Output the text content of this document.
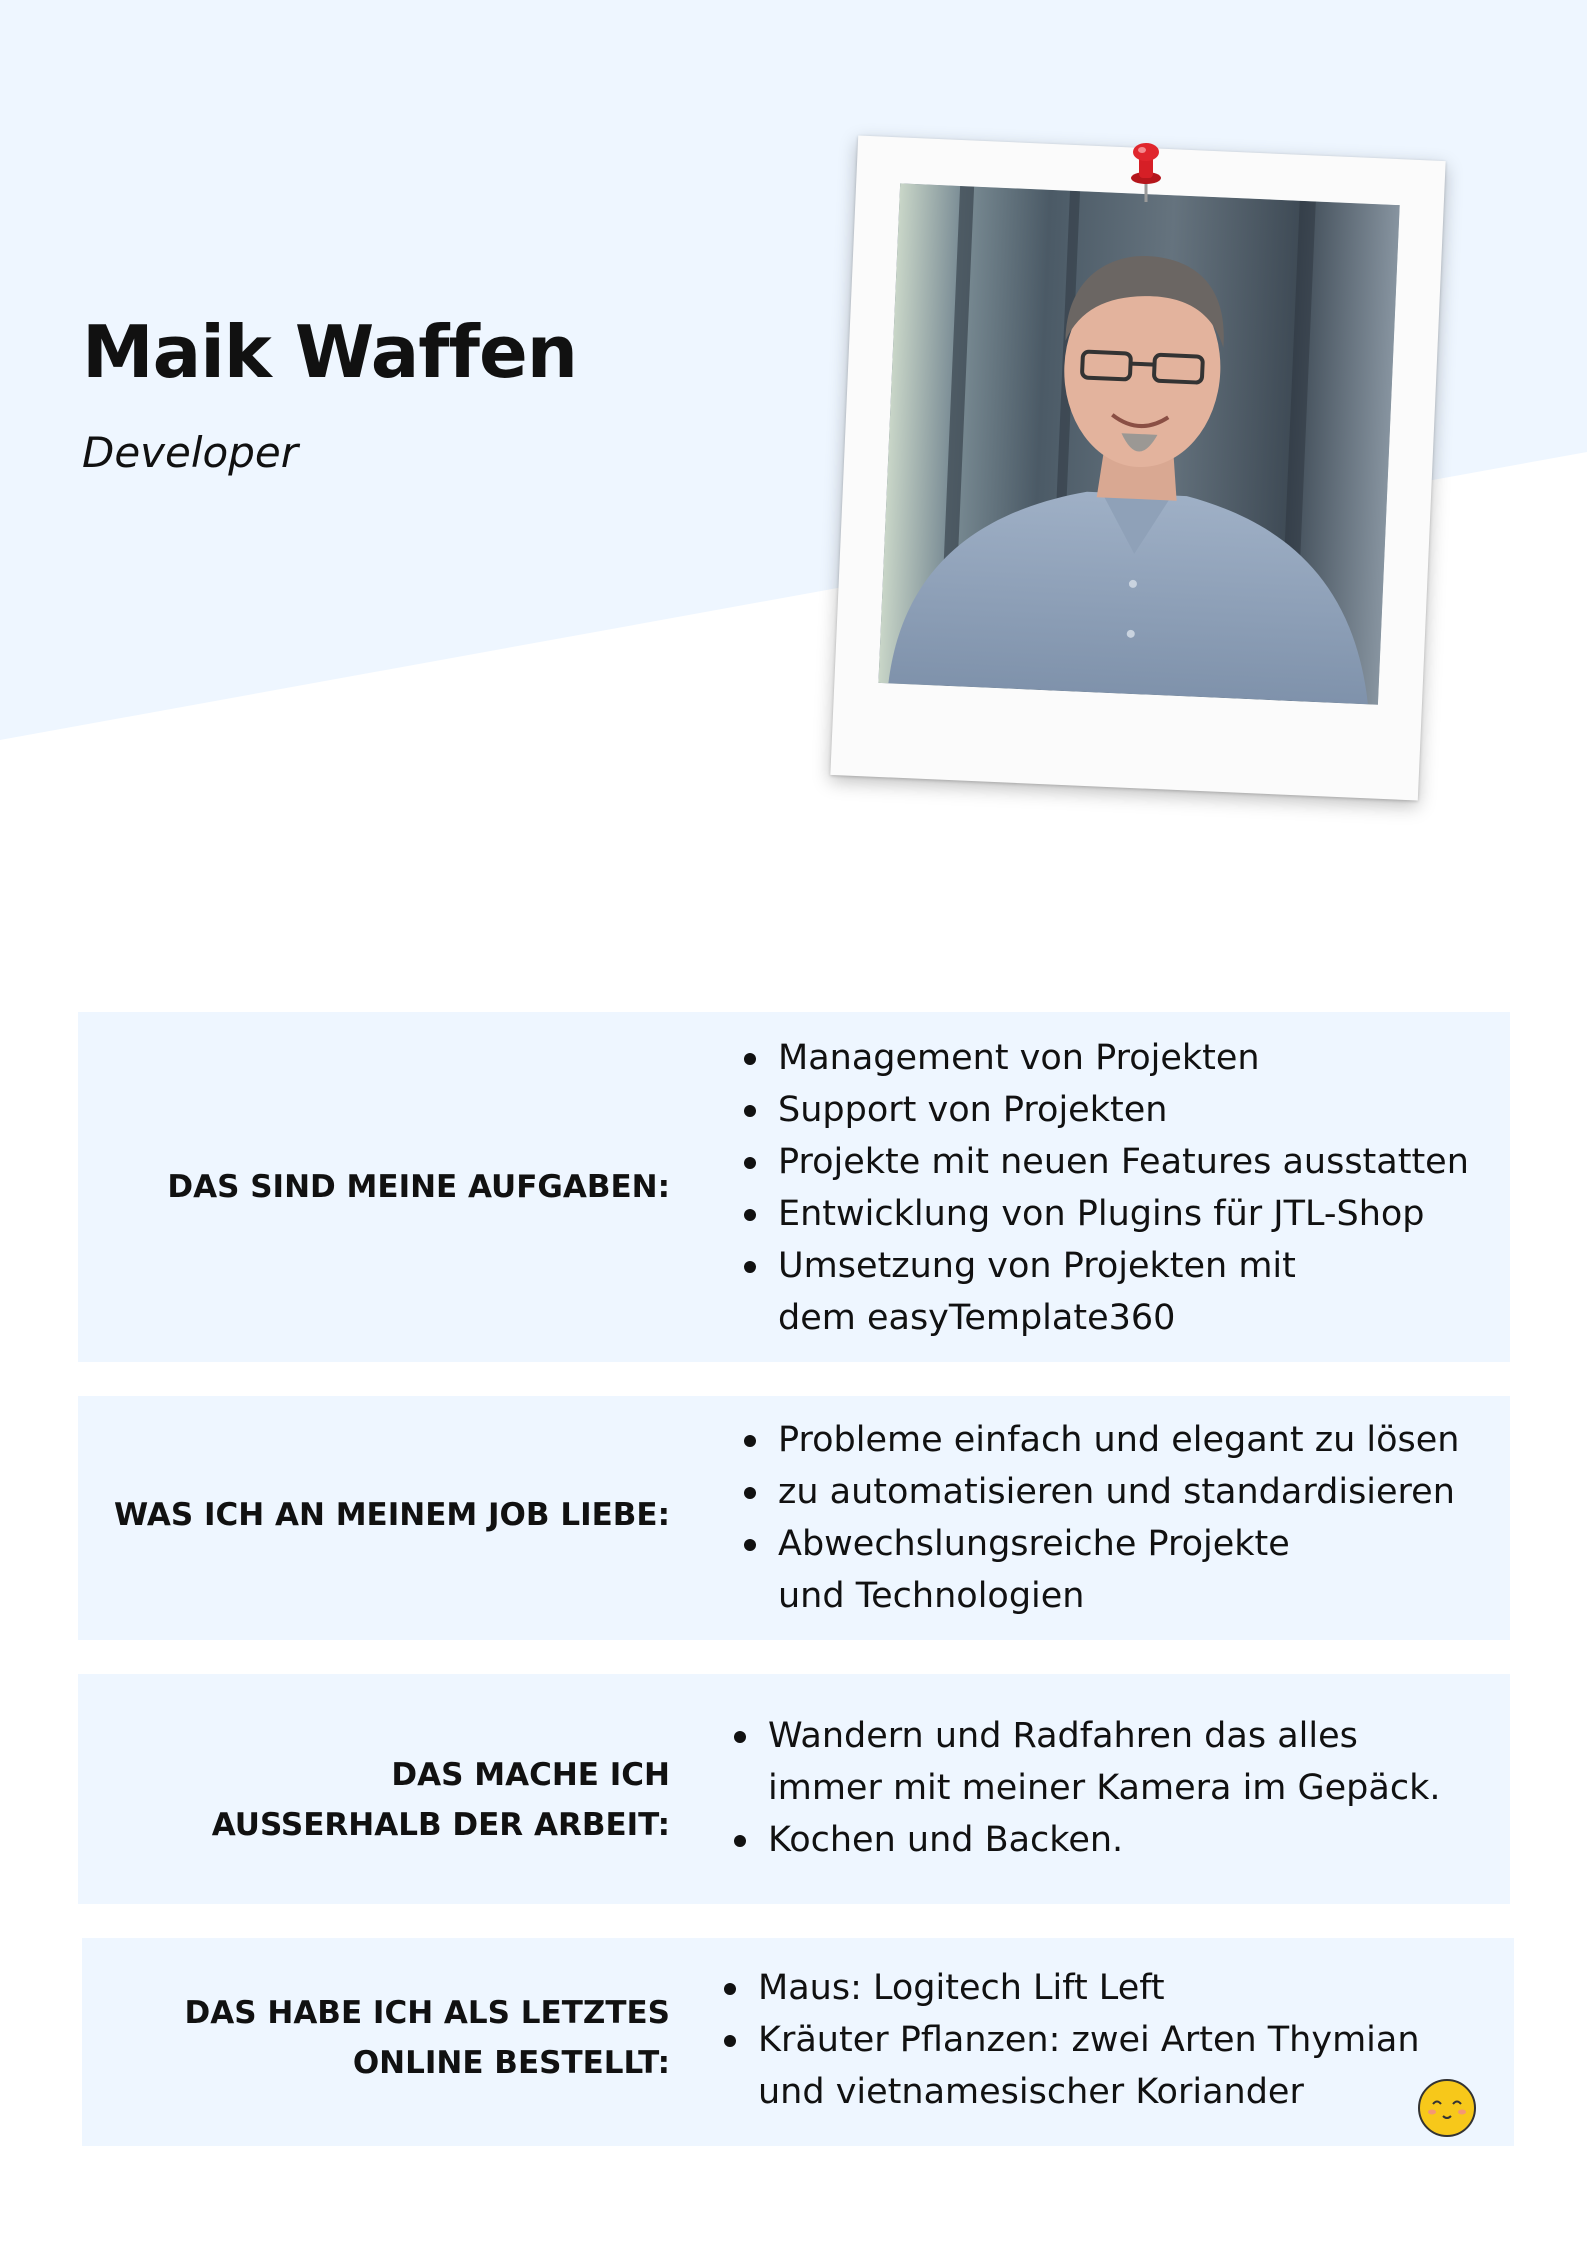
Maik Waffen

Developer

DAS SIND MEINE AUFGABEN:
Management von Projekten
Support von Projekten
Projekte mit neuen Features ausstatten
Entwicklung von Plugins für JTL-Shop
Umsetzung von Projekten mit dem easyTemplate360
WAS ICH AN MEINEM JOB LIEBE:
Probleme einfach und elegant zu lösen
zu automatisieren und standardisieren
Abwechslungsreiche Projekte und Technologien
DAS MACHE ICH
AUSSERHALB DER ARBEIT:
Wandern und Radfahren das alles immer mit meiner Kamera im Gepäck.
Kochen und Backen.
DAS HABE ICH ALS LETZTES
ONLINE BESTELLT:
Maus: Logitech Lift Left
Kräuter Pflanzen: zwei Arten Thymian und vietnamesischer Koriander
